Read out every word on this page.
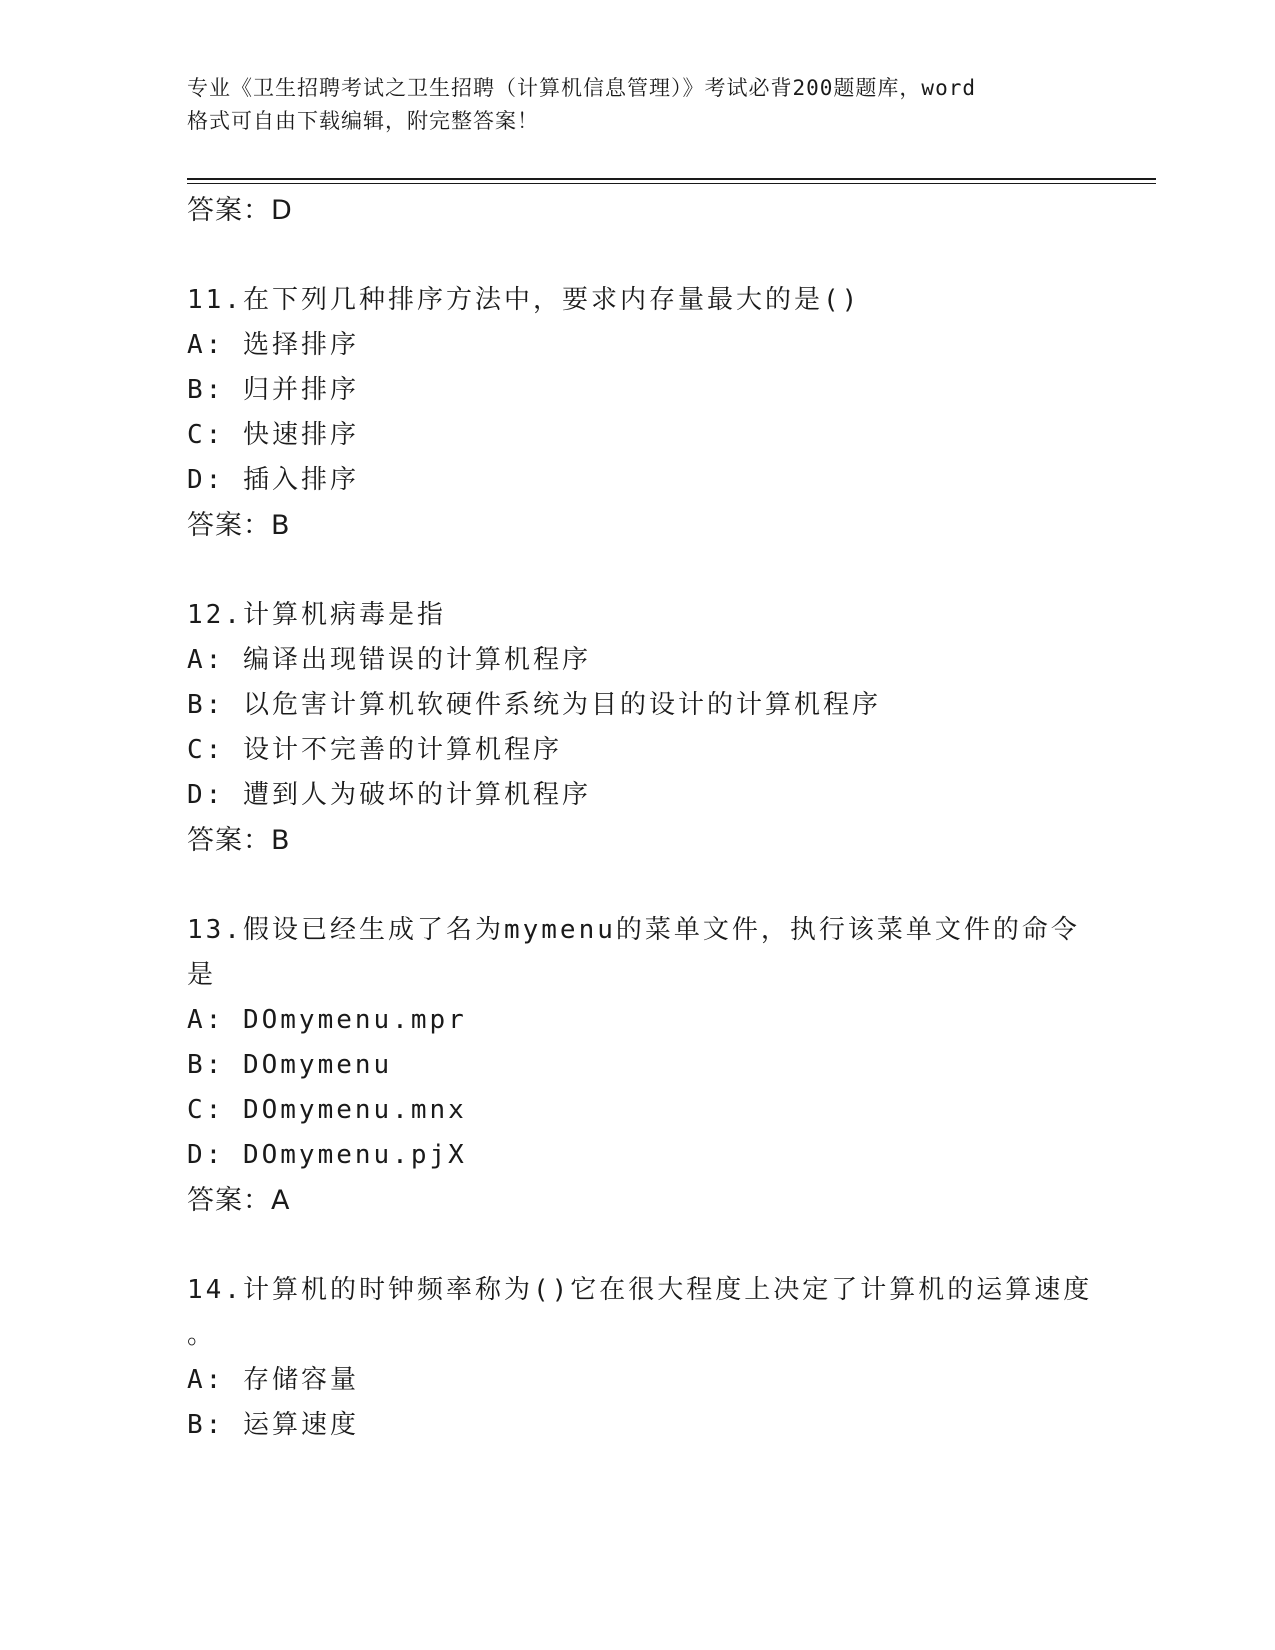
专业《卫生招聘考试之卫生招聘（计算机信息管理）》考试必背200题题库，word
格式可自由下载编辑，附完整答案！
答案：D
11.在下列几种排序方法中，要求内存量最大的是()
A: 选择排序
B: 归并排序
C: 快速排序
D: 插入排序
答案：B
12.计算机病毒是指
A: 编译出现错误的计算机程序
B: 以危害计算机软硬件系统为目的设计的计算机程序
C: 设计不完善的计算机程序
D: 遭到人为破坏的计算机程序
答案：B
13.假设已经生成了名为mymenu的菜单文件，执行该菜单文件的命令
是
A: DOmymenu.mpr
B: DOmymenu
C: DOmymenu.mnx
D: DOmymenu.pjX
答案：A
14.计算机的时钟频率称为()它在很大程度上决定了计算机的运算速度
。
A: 存储容量
B: 运算速度
